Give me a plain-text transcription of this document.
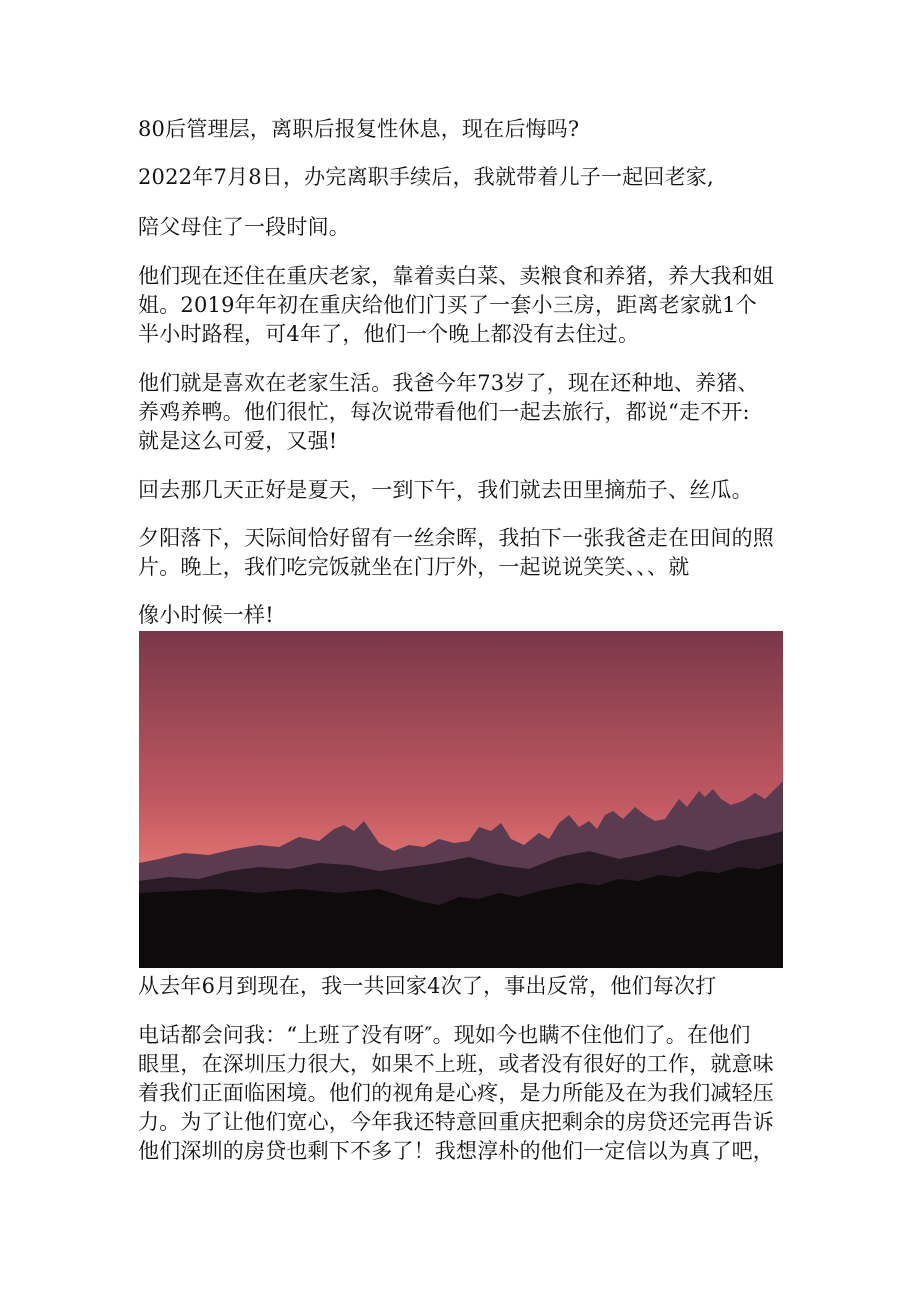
80后管理层，离职后报复性休息，现在后悔吗?
2022年7月8日，办完离职手续后，我就带着儿子一起回老家,
陪父母住了一段时间。
他们现在还住在重庆老家，靠着卖白菜、卖粮食和养猪，养大我和姐
姐。2019年年初在重庆给他们门买了一套小三房，距离老家就1个
半小时路程，可4年了，他们一个晚上都没有去住过。
他们就是喜欢在老家生活。我爸今年73岁了，现在还种地、养猪、
养鸡养鸭。他们很忙，每次说带看他们一起去旅行，都说“走不开:
就是这么可爱，又强!
回去那几天正好是夏天，一到下午，我们就去田里摘茄子、丝瓜。
夕阳落下，天际间恰好留有一丝余晖，我拍下一张我爸走在田间的照
片。晚上，我们吃完饭就坐在门厅外，一起说说笑笑、、、就
像小时候一样!
从去年6月到现在，我一共回家4次了，事出反常，他们每次打
电话都会问我：“上班了没有呀″。现如今也瞒不住他们了。在他们
眼里，在深圳压力很大，如果不上班，或者没有很好的工作，就意味
着我们正面临困境。他们的视角是心疼，是力所能及在为我们减轻压
力。为了让他们宽心，今年我还特意回重庆把剩余的房贷还完再告诉
他们深圳的房贷也剩下不多了！我想淳朴的他们一定信以为真了吧，
